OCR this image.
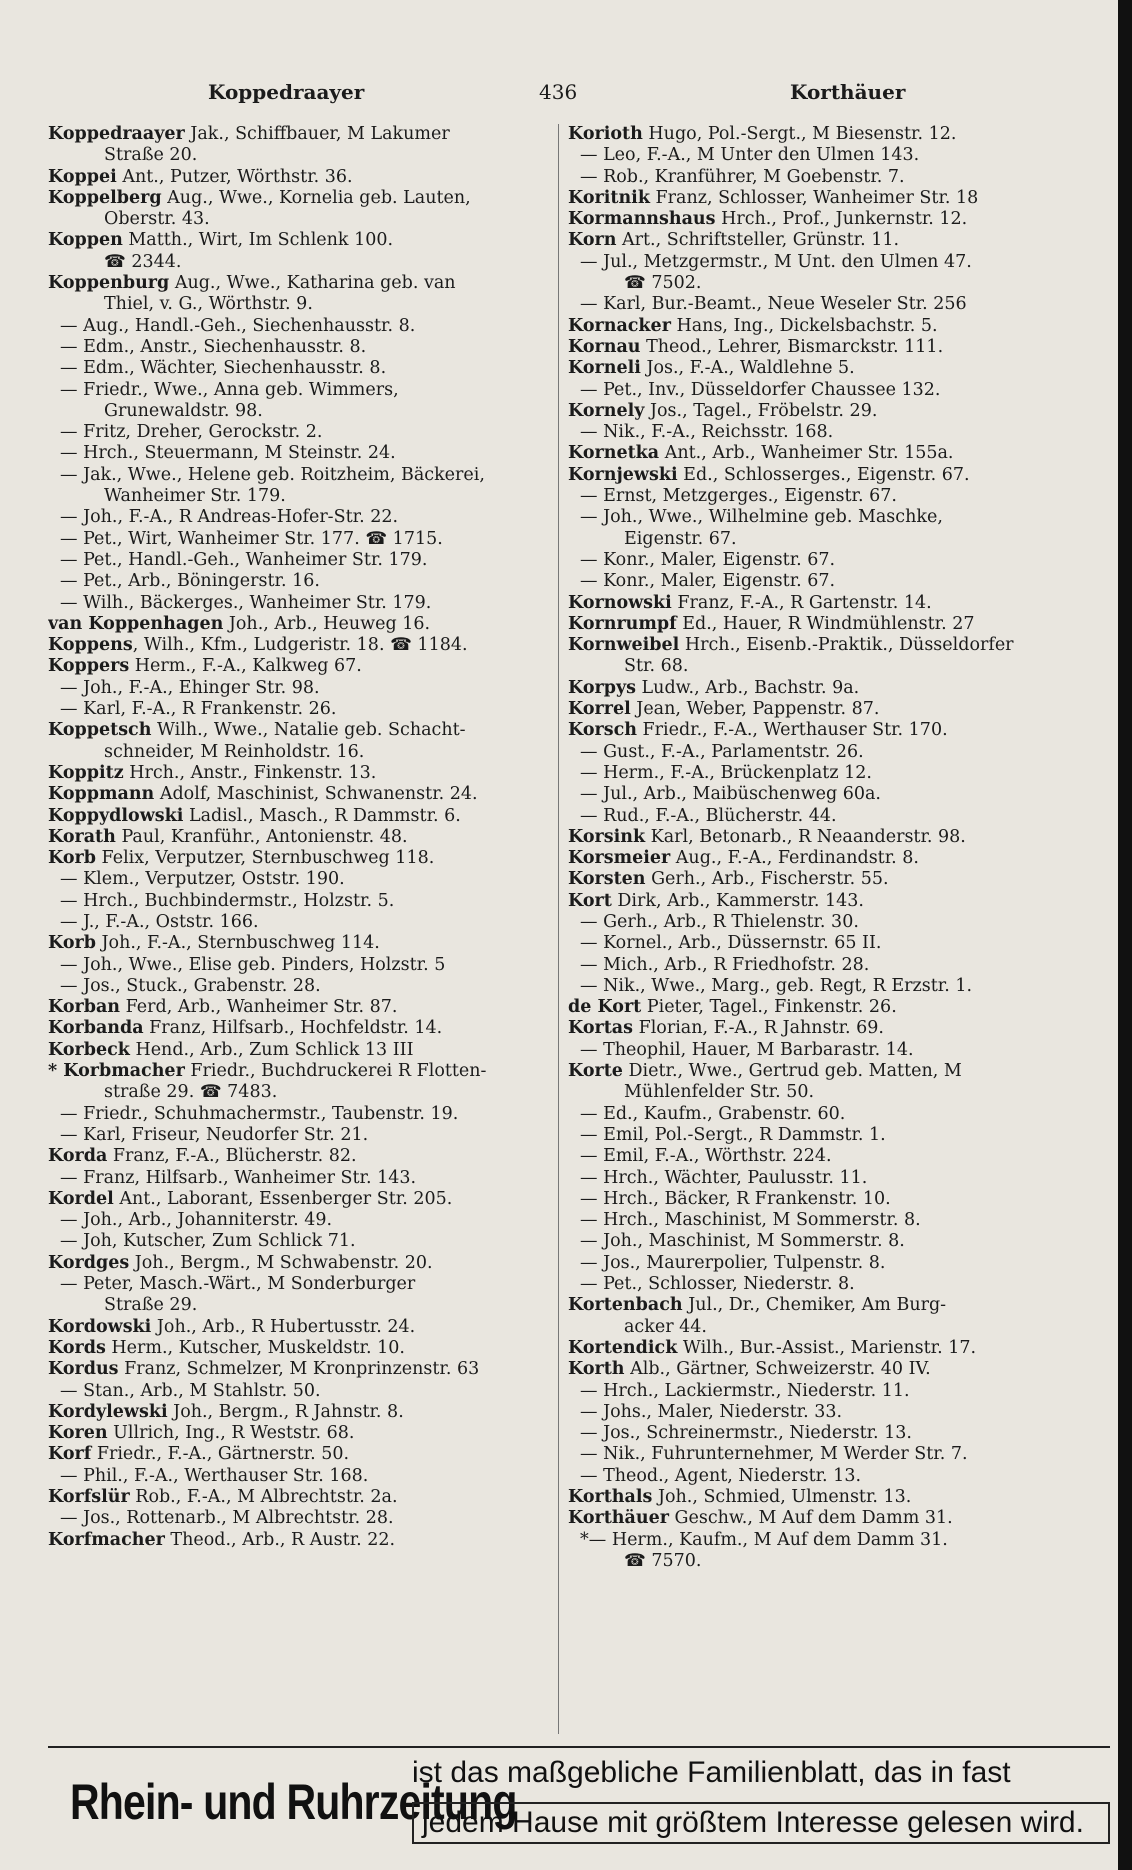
Koppedraayer	436	Korthäuer
Koppedraayer Jak., Schiffbauer, M Lakumer
Straße 20.
Koppei Ant., Putzer, Wörthstr. 36.
Koppelberg Aug., Wwe., Kornelia geb. Lauten,
Oberstr. 43.
Koppen Matth., Wirt, Im Schlenk 100.
☎ 2344.
Koppenburg Aug., Wwe., Katharina geb. van
Thiel, v. G., Wörthstr. 9.
— Aug., Handl.-Geh., Siechenhausstr. 8.
— Edm., Anstr., Siechenhausstr. 8.
— Edm., Wächter, Siechenhausstr. 8.
— Friedr., Wwe., Anna geb. Wimmers,
Grunewaldstr. 98.
— Fritz, Dreher, Gerockstr. 2.
— Hrch., Steuermann, M Steinstr. 24.
— Jak., Wwe., Helene geb. Roitzheim, Bäckerei,
Wanheimer Str. 179.
— Joh., F.-A., R Andreas-Hofer-Str. 22.
— Pet., Wirt, Wanheimer Str. 177. ☎ 1715.
— Pet., Handl.-Geh., Wanheimer Str. 179.
— Pet., Arb., Böningerstr. 16.
— Wilh., Bäckerges., Wanheimer Str. 179.
van Koppenhagen Joh., Arb., Heuweg 16.
Koppens, Wilh., Kfm., Ludgeristr. 18. ☎ 1184.
Koppers Herm., F.-A., Kalkweg 67.
— Joh., F.-A., Ehinger Str. 98.
— Karl, F.-A., R Frankenstr. 26.
Koppetsch Wilh., Wwe., Natalie geb. Schacht-
schneider, M Reinholdstr. 16.
Koppitz Hrch., Anstr., Finkenstr. 13.
Koppmann Adolf, Maschinist, Schwanenstr. 24.
Koppydlowski Ladisl., Masch., R Dammstr. 6.
Korath Paul, Kranführ., Antonienstr. 48.
Korb Felix, Verputzer, Sternbuschweg 118.
— Klem., Verputzer, Oststr. 190.
— Hrch., Buchbindermstr., Holzstr. 5.
— J., F.-A., Oststr. 166.
Korb Joh., F.-A., Sternbuschweg 114.
— Joh., Wwe., Elise geb. Pinders, Holzstr. 5
— Jos., Stuck., Grabenstr. 28.
Korban Ferd, Arb., Wanheimer Str. 87.
Korbanda Franz, Hilfsarb., Hochfeldstr. 14.
Korbeck Hend., Arb., Zum Schlick 13 III
* Korbmacher Friedr., Buchdruckerei R Flotten-
straße 29. ☎ 7483.
— Friedr., Schuhmachermstr., Taubenstr. 19.
— Karl, Friseur, Neudorfer Str. 21.
Korda Franz, F.-A., Blücherstr. 82.
— Franz, Hilfsarb., Wanheimer Str. 143.
Kordel Ant., Laborant, Essenberger Str. 205.
— Joh., Arb., Johanniterstr. 49.
— Joh, Kutscher, Zum Schlick 71.
Kordges Joh., Bergm., M Schwabenstr. 20.
— Peter, Masch.-Wärt., M Sonderburger
Straße 29.
Kordowski Joh., Arb., R Hubertusstr. 24.
Kords Herm., Kutscher, Muskeldstr. 10.
Kordus Franz, Schmelzer, M Kronprinzenstr. 63
— Stan., Arb., M Stahlstr. 50.
Kordylewski Joh., Bergm., R Jahnstr. 8.
Koren Ullrich, Ing., R Weststr. 68.
Korf Friedr., F.-A., Gärtnerstr. 50.
— Phil., F.-A., Werthauser Str. 168.
Korfslür Rob., F.-A., M Albrechtstr. 2a.
— Jos., Rottenarb., M Albrechtstr. 28.
Korfmacher Theod., Arb., R Austr. 22.
Korioth Hugo, Pol.-Sergt., M Biesenstr. 12.
— Leo, F.-A., M Unter den Ulmen 143.
— Rob., Kranführer, M Goebenstr. 7.
Koritnik Franz, Schlosser, Wanheimer Str. 18
Kormannshaus Hrch., Prof., Junkernstr. 12.
Korn Art., Schriftsteller, Grünstr. 11.
— Jul., Metzgermstr., M Unt. den Ulmen 47.
☎ 7502.
— Karl, Bur.-Beamt., Neue Weseler Str. 256
Kornacker Hans, Ing., Dickelsbachstr. 5.
Kornau Theod., Lehrer, Bismarckstr. 111.
Korneli Jos., F.-A., Waldlehne 5.
— Pet., Inv., Düsseldorfer Chaussee 132.
Kornely Jos., Tagel., Fröbelstr. 29.
— Nik., F.-A., Reichsstr. 168.
Kornetka Ant., Arb., Wanheimer Str. 155a.
Kornjewski Ed., Schlosserges., Eigenstr. 67.
— Ernst, Metzgerges., Eigenstr. 67.
— Joh., Wwe., Wilhelmine geb. Maschke,
Eigenstr. 67.
— Konr., Maler, Eigenstr. 67.
— Konr., Maler, Eigenstr. 67.
Kornowski Franz, F.-A., R Gartenstr. 14.
Kornrumpf Ed., Hauer, R Windmühlenstr. 27
Kornweibel Hrch., Eisenb.-Praktik., Düsseldorfer
Str. 68.
Korpys Ludw., Arb., Bachstr. 9a.
Korrel Jean, Weber, Pappenstr. 87.
Korsch Friedr., F.-A., Werthauser Str. 170.
— Gust., F.-A., Parlamentstr. 26.
— Herm., F.-A., Brückenplatz 12.
— Jul., Arb., Maibüschenweg 60a.
— Rud., F.-A., Blücherstr. 44.
Korsink Karl, Betonarb., R Neaanderstr. 98.
Korsmeier Aug., F.-A., Ferdinandstr. 8.
Korsten Gerh., Arb., Fischerstr. 55.
Kort Dirk, Arb., Kammerstr. 143.
— Gerh., Arb., R Thielenstr. 30.
— Kornel., Arb., Düssernstr. 65 II.
— Mich., Arb., R Friedhofstr. 28.
— Nik., Wwe., Marg., geb. Regt, R Erzstr. 1.
de Kort Pieter, Tagel., Finkenstr. 26.
Kortas Florian, F.-A., R Jahnstr. 69.
— Theophil, Hauer, M Barbarastr. 14.
Korte Dietr., Wwe., Gertrud geb. Matten, M
Mühlenfelder Str. 50.
— Ed., Kaufm., Grabenstr. 60.
— Emil, Pol.-Sergt., R Dammstr. 1.
— Emil, F.-A., Wörthstr. 224.
— Hrch., Wächter, Paulusstr. 11.
— Hrch., Bäcker, R Frankenstr. 10.
— Hrch., Maschinist, M Sommerstr. 8.
— Joh., Maschinist, M Sommerstr. 8.
— Jos., Maurerpolier, Tulpenstr. 8.
— Pet., Schlosser, Niederstr. 8.
Kortenbach Jul., Dr., Chemiker, Am Burg-
acker 44.
Kortendick Wilh., Bur.-Assist., Marienstr. 17.
Korth Alb., Gärtner, Schweizerstr. 40 IV.
— Hrch., Lackiermstr., Niederstr. 11.
— Johs., Maler, Niederstr. 33.
— Jos., Schreinermstr., Niederstr. 13.
— Nik., Fuhrunternehmer, M Werder Str. 7.
— Theod., Agent, Niederstr. 13.
Korthals Joh., Schmied, Ulmenstr. 13.
Korthäuer Geschw., M Auf dem Damm 31.
*— Herm., Kaufm., M Auf dem Damm 31.
☎ 7570.
Rhein- und Ruhrzeitung
ist das maßgebliche Familienblatt, das in fast
jedem Hause mit größtem Interesse gelesen wird.
